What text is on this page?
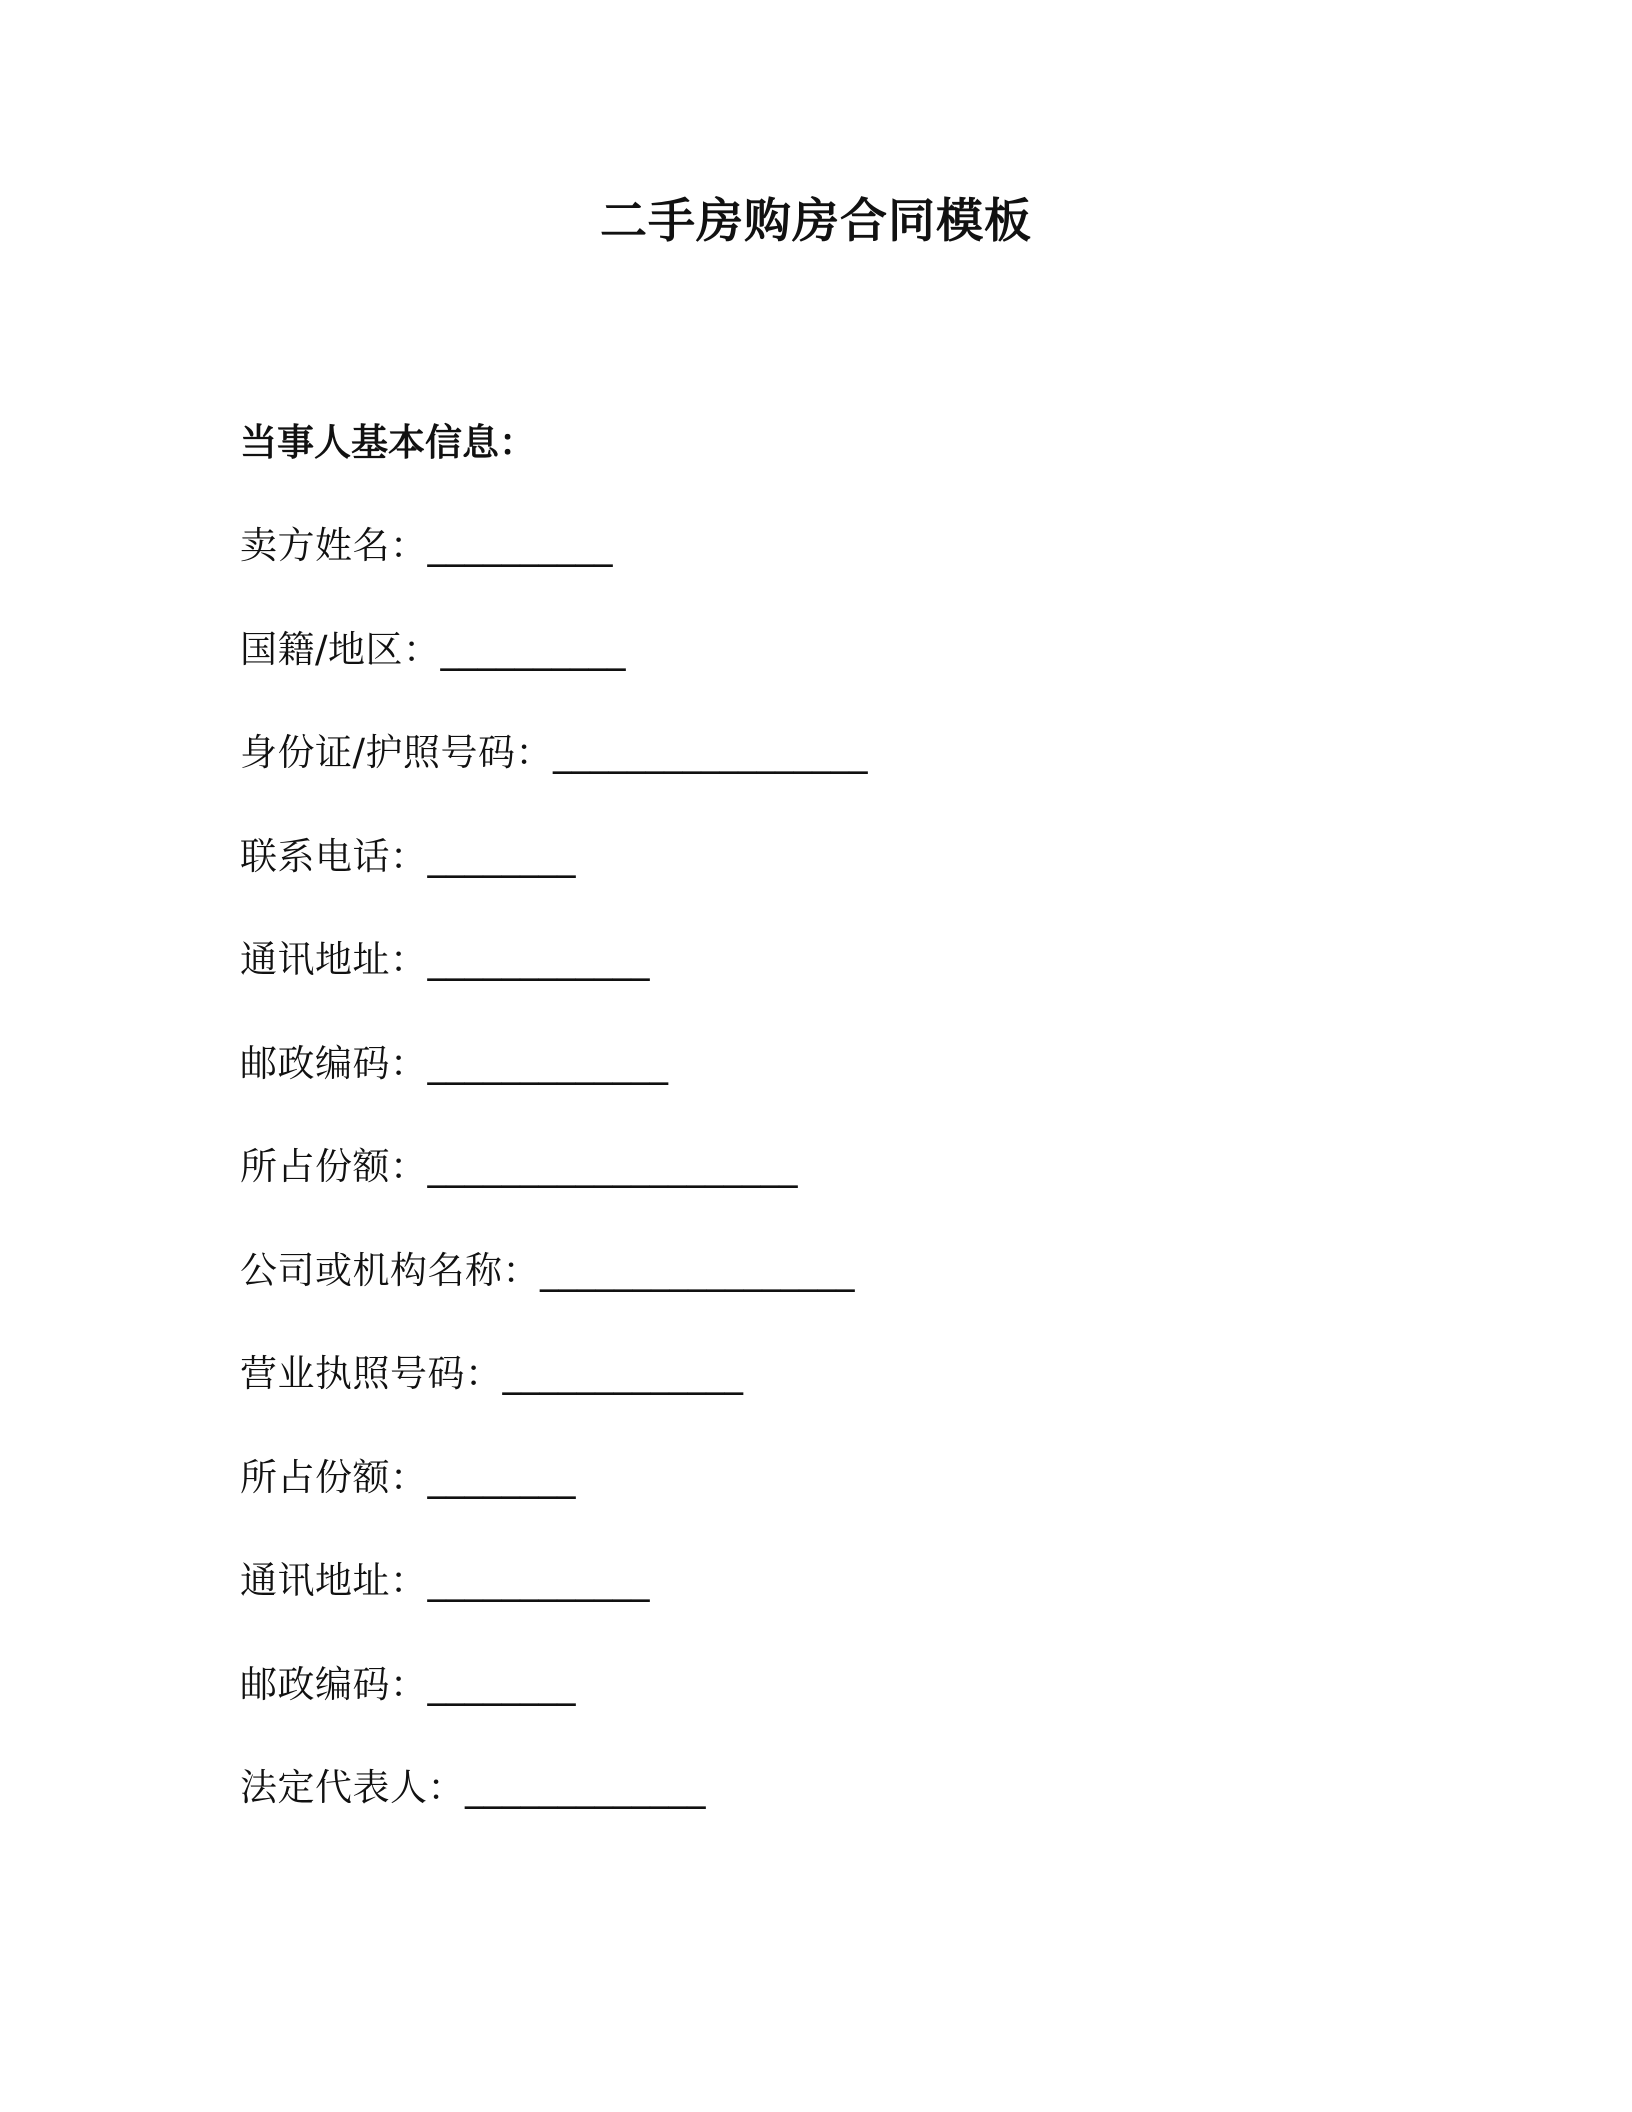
二手房购房合同模板
当事人基本信息：
卖方姓名：__________
国籍/地区：__________
身份证/护照号码：_________________
联系电话：________
通讯地址：____________
邮政编码：_____________
所占份额：____________________
公司或机构名称：_________________
营业执照号码：_____________
所占份额：________
通讯地址：____________
邮政编码：________
法定代表人：_____________
